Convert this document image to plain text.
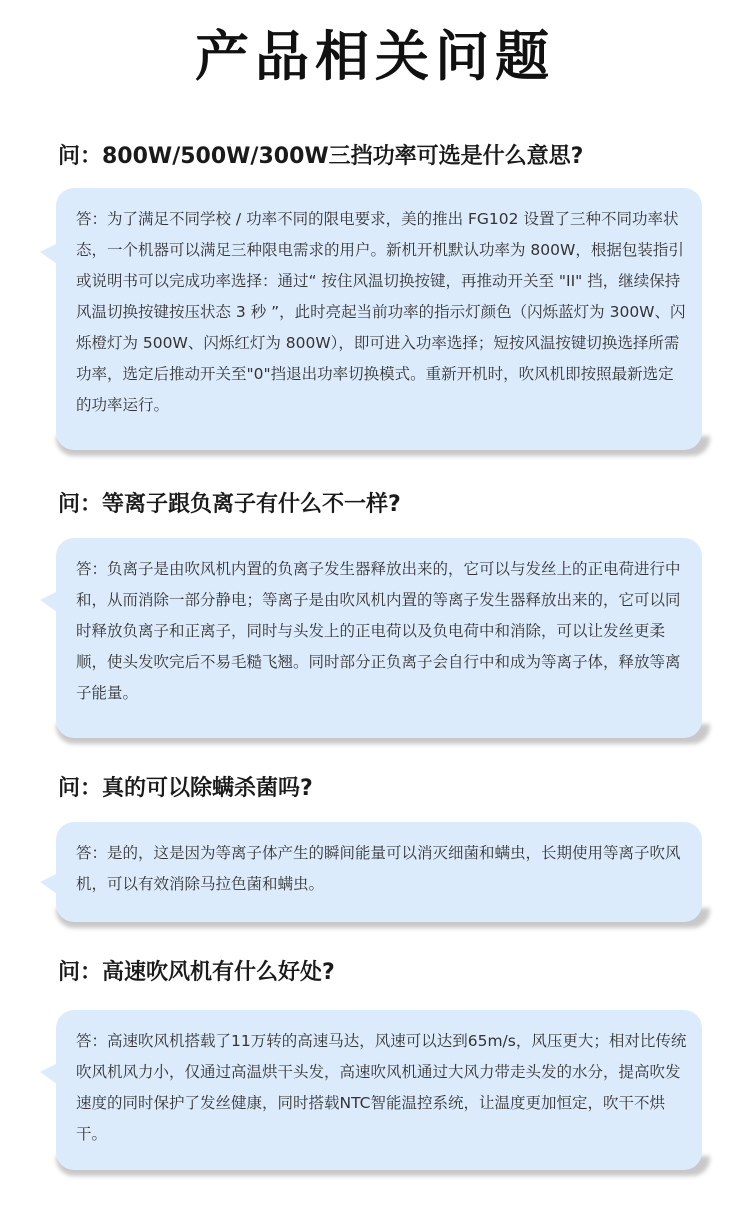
产品相关问题
问：800W/500W/300W三挡功率可选是什么意思?

答：为了满足不同学校 / 功率不同的限电要求，美的推出 FG102 设置了三种不同功率状态，一个机器可以满足三种限电需求的用户。新机开机默认功率为 800W，根据包装指引或说明书可以完成功率选择：通过“ 按住风温切换按键，再推动开关至 "II" 挡，继续保持风温切换按键按压状态 3 秒 ”，此时亮起当前功率的指示灯颜色（闪烁蓝灯为 300W、闪烁橙灯为 500W、闪烁红灯为 800W），即可进入功率选择；短按风温按键切换选择所需功率，选定后推动开关至"0"挡退出功率切换模式。重新开机时，吹风机即按照最新选定的功率运行。

问：等离子跟负离子有什么不一样?

答：负离子是由吹风机内置的负离子发生器释放出来的，它可以与发丝上的正电荷进行中和，从而消除一部分静电；等离子是由吹风机内置的等离子发生器释放出来的，它可以同时释放负离子和正离子，同时与头发上的正电荷以及负电荷中和消除，可以让发丝更柔顺，使头发吹完后不易毛糙飞翘。同时部分正负离子会自行中和成为等离子体，释放等离子能量。

问：真的可以除螨杀菌吗?

答：是的，这是因为等离子体产生的瞬间能量可以消灭细菌和螨虫，长期使用等离子吹风机，可以有效消除马拉色菌和螨虫。

问：高速吹风机有什么好处?

答：高速吹风机搭载了11万转的高速马达，风速可以达到65m/s，风压更大；相对比传统吹风机风力小，仅通过高温烘干头发，高速吹风机通过大风力带走头发的水分，提高吹发速度的同时保护了发丝健康，同时搭载NTC智能温控系统，让温度更加恒定，吹干不烘干。
